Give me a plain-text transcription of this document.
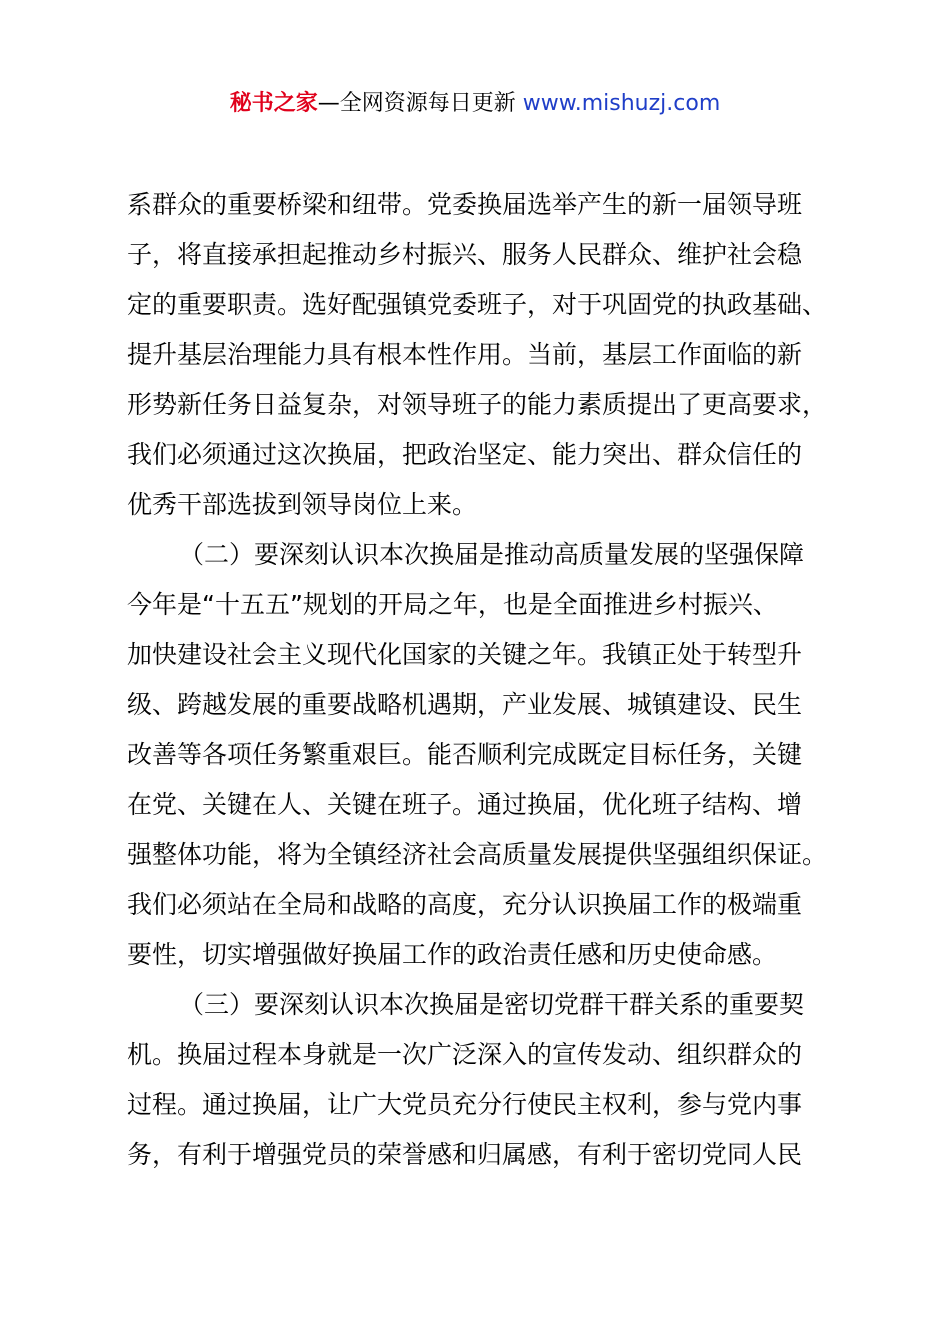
秘书之家—全网资源每日更新 www.mishuzj.com
系群众的重要桥梁和纽带。党委换届选举产生的新一届领导班
子，将直接承担起推动乡村振兴、服务人民群众、维护社会稳
定的重要职责。选好配强镇党委班子，对于巩固党的执政基础、
提升基层治理能力具有根本性作用。当前，基层工作面临的新
形势新任务日益复杂，对领导班子的能力素质提出了更高要求，
我们必须通过这次换届，把政治坚定、能力突出、群众信任的
优秀干部选拔到领导岗位上来。
（二）要深刻认识本次换届是推动高质量发展的坚强保障
今年是“十五五”规划的开局之年，也是全面推进乡村振兴、
加快建设社会主义现代化国家的关键之年。我镇正处于转型升
级、跨越发展的重要战略机遇期，产业发展、城镇建设、民生
改善等各项任务繁重艰巨。能否顺利完成既定目标任务，关键
在党、关键在人、关键在班子。通过换届，优化班子结构、增
强整体功能，将为全镇经济社会高质量发展提供坚强组织保证。
我们必须站在全局和战略的高度，充分认识换届工作的极端重
要性，切实增强做好换届工作的政治责任感和历史使命感。
（三）要深刻认识本次换届是密切党群干群关系的重要契
机。换届过程本身就是一次广泛深入的宣传发动、组织群众的
过程。通过换届，让广大党员充分行使民主权利，参与党内事
务，有利于增强党员的荣誉感和归属感，有利于密切党同人民
